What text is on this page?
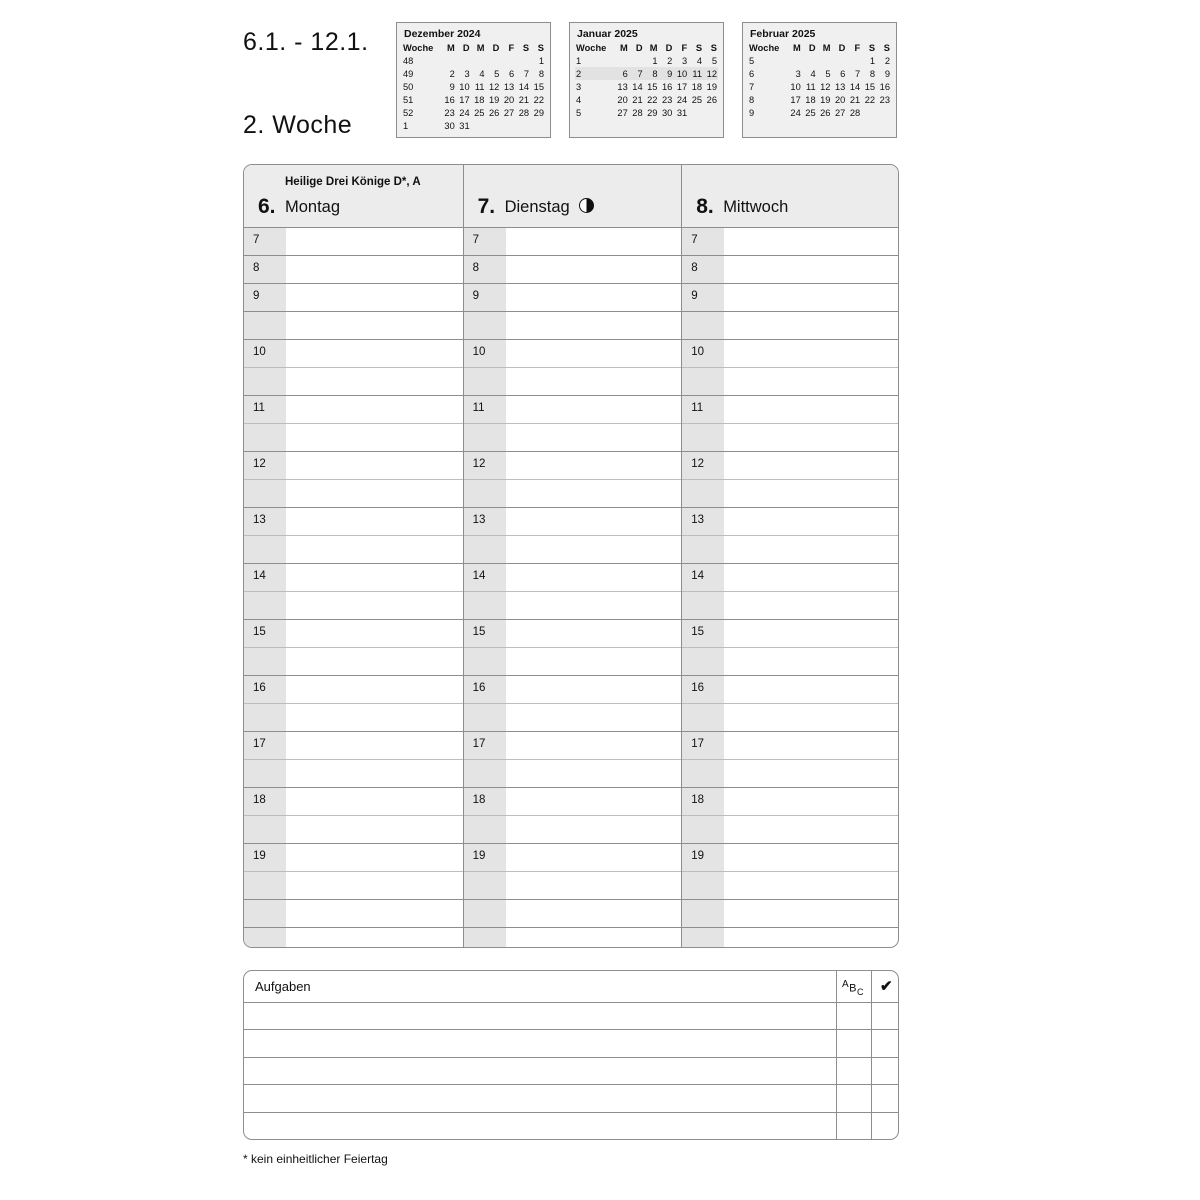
6.1. - 12.1.
2. Woche
Dezember 2024
Woche	M	D	M	D	F	S	S
48							1
49	2	3	4	5	6	7	8
50	9	10	11	12	13	14	15
51	16	17	18	19	20	21	22
52	23	24	25	26	27	28	29
1	30	31					
Januar 2025
Woche	M	D	M	D	F	S	S
1			1	2	3	4	5
2	6	7	8	9	10	11	12
3	13	14	15	16	17	18	19
4	20	21	22	23	24	25	26
5	27	28	29	30	31		

Februar 2025
Woche	M	D	M	D	F	S	S
5						1	2
6	3	4	5	6	7	8	9
7	10	11	12	13	14	15	16
8	17	18	19	20	21	22	23
9	24	25	26	27	28		

Heilige Drei Könige D*, A
6. Montag
7
8
9
10
11
12
13
14
15
16
17
18
19
7. Dienstag
7
8
9
10
11
12
13
14
15
16
17
18
19
8. Mittwoch
7
8
9
10
11
12
13
14
15
16
17
18
19
Aufgaben	$AB_C$ ✔
* kein einheitlicher Feiertag
